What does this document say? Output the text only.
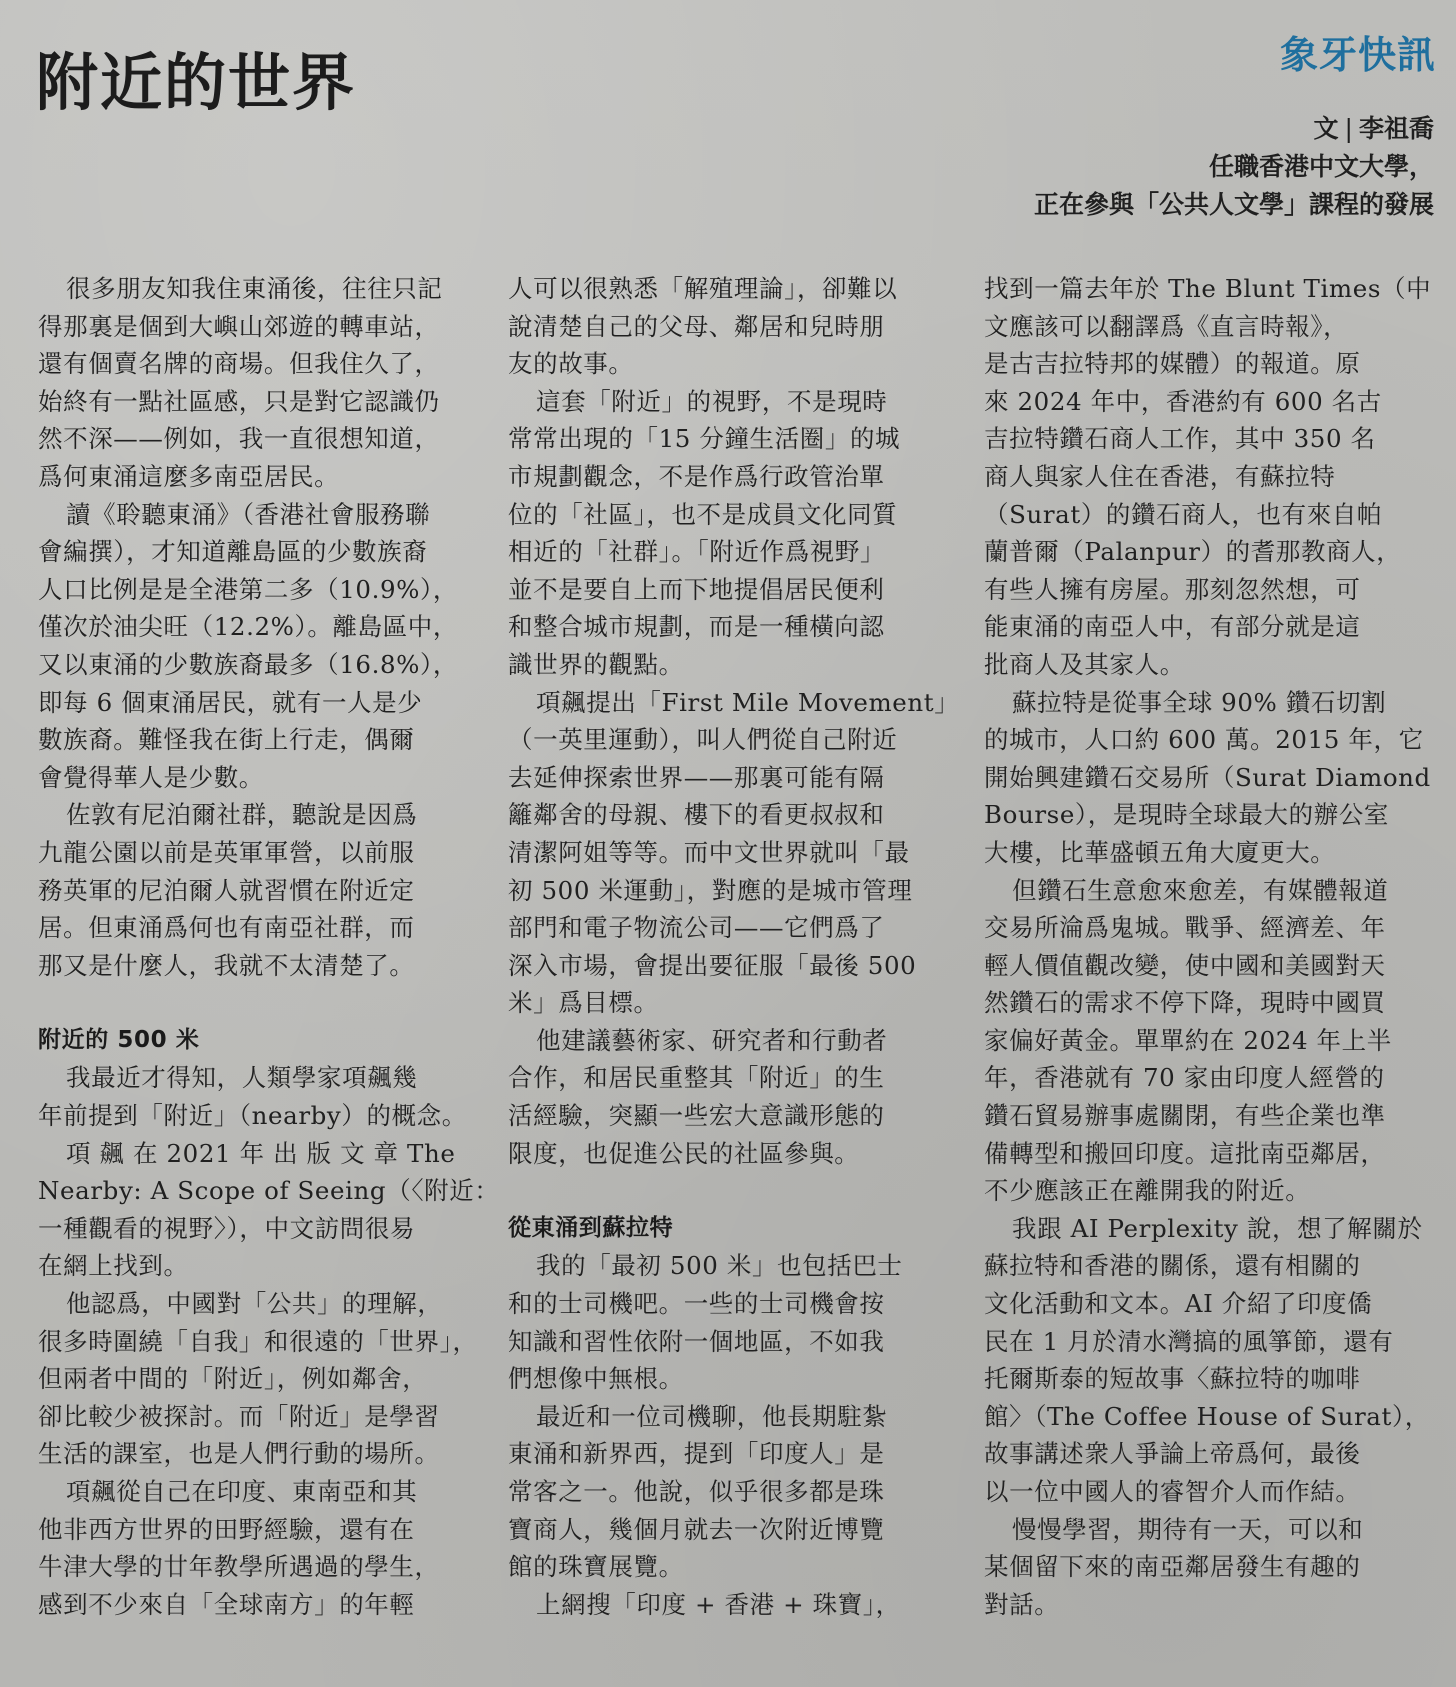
附近的世界	象牙快訊
文 | 李祖喬
任職香港中文大學，
正在參與「公共人文學」課程的發展
很多朋友知我住東涌後，往往只記
得那裏是個到大嶼山郊遊的轉車站，
還有個賣名牌的商場。但我住久了，
始終有一點社區感，只是對它認識仍
然不深——例如，我一直很想知道，
爲何東涌這麼多南亞居民。
讀《聆聽東涌》（香港社會服務聯
會編撰），才知道離島區的少數族裔
人口比例是是全港第二多（10.9%），
僅次於油尖旺（12.2%）。離島區中，
又以東涌的少數族裔最多（16.8%），
即每 6 個東涌居民，就有一人是少
數族裔。難怪我在街上行走，偶爾
會覺得華人是少數。
佐敦有尼泊爾社群，聽說是因爲
九龍公園以前是英軍軍營，以前服
務英軍的尼泊爾人就習慣在附近定
居。但東涌爲何也有南亞社群，而
那又是什麼人，我就不太清楚了。
附近的 500 米
我最近才得知，人類學家項飆幾
年前提到「附近」（nearby）的概念。
項 飆 在 2021 年 出 版 文 章 The
Nearby: A Scope of Seeing（〈附近：
一種觀看的視野〉），中文訪問很易
在網上找到。
他認爲，中國對「公共」的理解，
很多時圍繞「自我」和很遠的「世界」，
但兩者中間的「附近」，例如鄰舍，
卻比較少被探討。而「附近」是學習
生活的課室，也是人們行動的場所。
項飆從自己在印度、東南亞和其
他非西方世界的田野經驗，還有在
牛津大學的廿年教學所遇過的學生，
感到不少來自「全球南方」的年輕
人可以很熟悉「解殖理論」，卻難以
說清楚自己的父母、鄰居和兒時朋
友的故事。
這套「附近」的視野，不是現時
常常出現的「15 分鐘生活圈」的城
市規劃觀念，不是作爲行政管治單
位的「社區」，也不是成員文化同質
相近的「社群」。「附近作爲視野」
並不是要自上而下地提倡居民便利
和整合城市規劃，而是一種橫向認
識世界的觀點。
項飆提出「First Mile Movement」
（一英里運動），叫人們從自己附近
去延伸探索世界——那裏可能有隔
籬鄰舍的母親、樓下的看更叔叔和
清潔阿姐等等。而中文世界就叫「最
初 500 米運動」，對應的是城市管理
部門和電子物流公司——它們爲了
深入市場，會提出要征服「最後 500
米」爲目標。
他建議藝術家、研究者和行動者
合作，和居民重整其「附近」的生
活經驗，突顯一些宏大意識形態的
限度，也促進公民的社區參與。
從東涌到蘇拉特
我的「最初 500 米」也包括巴士
和的士司機吧。一些的士司機會按
知識和習性依附一個地區，不如我
們想像中無根。
最近和一位司機聊，他長期駐紮
東涌和新界西，提到「印度人」是
常客之一。他說，似乎很多都是珠
寶商人，幾個月就去一次附近博覽
館的珠寶展覽。
上網搜「印度 + 香港 + 珠寶」，
找到一篇去年於 The Blunt Times（中
文應該可以翻譯爲《直言時報》，
是古吉拉特邦的媒體）的報道。原
來 2024 年中，香港約有 600 名古
吉拉特鑽石商人工作，其中 350 名
商人與家人住在香港，有蘇拉特
（Surat）的鑽石商人，也有來自帕
蘭普爾（Palanpur）的耆那教商人，
有些人擁有房屋。那刻忽然想，可
能東涌的南亞人中，有部分就是這
批商人及其家人。
蘇拉特是從事全球 90% 鑽石切割
的城市，人口約 600 萬。2015 年，它
開始興建鑽石交易所（Surat Diamond
Bourse），是現時全球最大的辦公室
大樓，比華盛頓五角大廈更大。
但鑽石生意愈來愈差，有媒體報道
交易所淪爲鬼城。戰爭、經濟差、年
輕人價值觀改變，使中國和美國對天
然鑽石的需求不停下降，現時中國買
家偏好黃金。單單約在 2024 年上半
年，香港就有 70 家由印度人經營的
鑽石貿易辦事處關閉，有些企業也準
備轉型和搬回印度。這批南亞鄰居，
不少應該正在離開我的附近。
我跟 AI Perplexity 說，想了解關於
蘇拉特和香港的關係，還有相關的
文化活動和文本。AI 介紹了印度僑
民在 1 月於清水灣搞的風箏節，還有
托爾斯泰的短故事〈蘇拉特的咖啡
館〉（The Coffee House of Surat），
故事講述衆人爭論上帝爲何，最後
以一位中國人的睿智介人而作結。
慢慢學習，期待有一天，可以和
某個留下來的南亞鄰居發生有趣的
對話。
